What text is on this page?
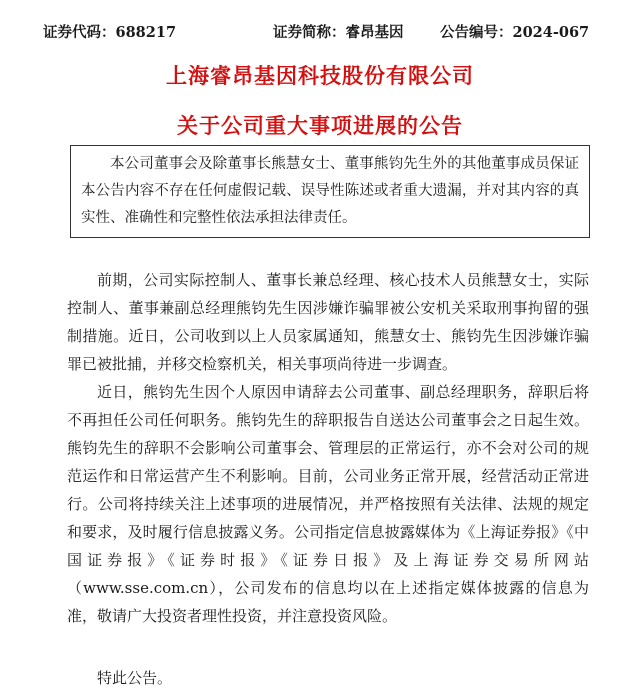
证券代码：688217	证券简称：睿昂基因	公告编号：2024-067
上海睿昂基因科技股份有限公司
关于公司重大事项进展的公告

本公司董事会及除董事长熊慧女士、董事熊钧先生外的其他董事成员保证本公告内容不存在任何虚假记载、误导性陈述或者重大遗漏，并对其内容的真实性、准确性和完整性依法承担法律责任。

前期，公司实际控制人、董事长兼总经理、核心技术人员熊慧女士，实际控制人、董事兼副总经理熊钧先生因涉嫌诈骗罪被公安机关采取刑事拘留的强制措施。近日，公司收到以上人员家属通知，熊慧女士、熊钧先生因涉嫌诈骗罪已被批捕，并移交检察机关，相关事项尚待进一步调查。

近日，熊钧先生因个人原因申请辞去公司董事、副总经理职务，辞职后将不再担任公司任何职务。熊钧先生的辞职报告自送达公司董事会之日起生效。熊钧先生的辞职不会影响公司董事会、管理层的正常运行，亦不会对公司的规范运作和日常运营产生不利影响。目前，公司业务正常开展，经营活动正常进行。公司将持续关注上述事项的进展情况，并严格按照有关法律、法规的规定和要求，及时履行信息披露义务。公司指定信息披露媒体为《上海证券报》《中国证券报》《证券时报》《证券日报》及上海证券交易所网站（www.sse.com.cn），公司发布的信息均以在上述指定媒体披露的信息为准，敬请广大投资者理性投资，并注意投资风险。

特此公告。
